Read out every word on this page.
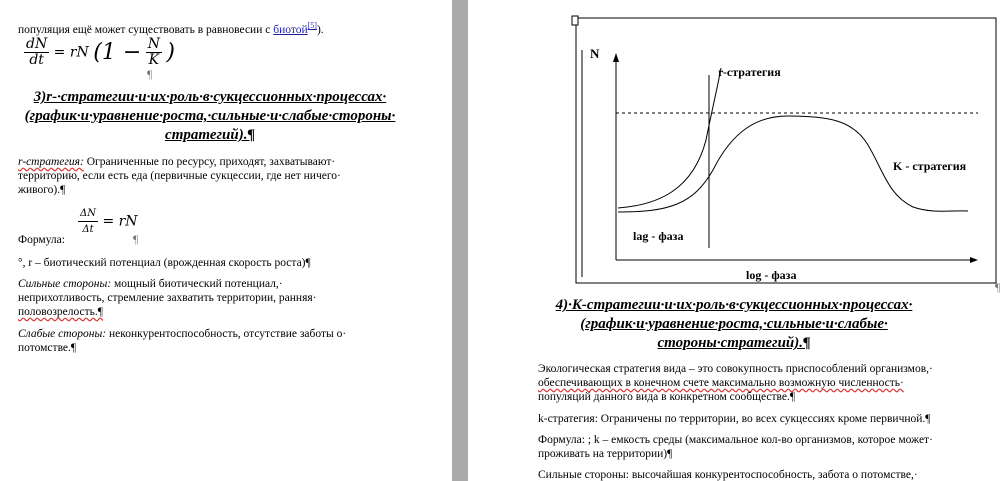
популяция ещё может существовать в равновесии с биотой[5]).
$\frac{dN}{dt}$ = rN ($1 - \frac{N}{K}$ )
¶
3)r-·стратегии·и·их·роль·в·сукцессионных·процессах·
(график·и·уравнение·роста,·сильные·и·слабые·стороны·
стратегий).¶
r-стратегия: Ограниченные по ресурсу, приходят, захватывают·
территорию, если есть еда (первичные сукцессии, где нет ничего·
живого).¶
$\frac{\Delta N}{\Delta t}$ = rN
Формула:	¶
°, r – биотический потенциал (врожденная скорость роста)¶
Сильные стороны: мощный биотический потенциал,·
неприхотливость, стремление захватить территории, ранняя·
половозрелость.¶
Слабые стороны: неконкурентоспособность, отсутствие заботы о·
потомстве.¶
N
r-стратегия
K - стратегия
lag - фаза
log - фаза
¶
4)·K-стратегии·и·их·роль·в·сукцессионных·процессах·
(график·и·уравнение·роста,·сильные·и·слабые·
стороны·стратегий).¶
Экологическая стратегия вида – это совокупность приспособлений организмов,·
обеспечивающих в конечном счете максимально возможную численность·
популяций данного вида в конкретном сообществе.¶
k-стратегия: Ограничены по территории, во всех сукцессиях кроме первичной.¶
Формула: ; k – емкость среды (максимальное кол-во организмов, которое может·
проживать на территории)¶
Сильные стороны: высочайшая конкурентоспособность, забота о потомстве,·
